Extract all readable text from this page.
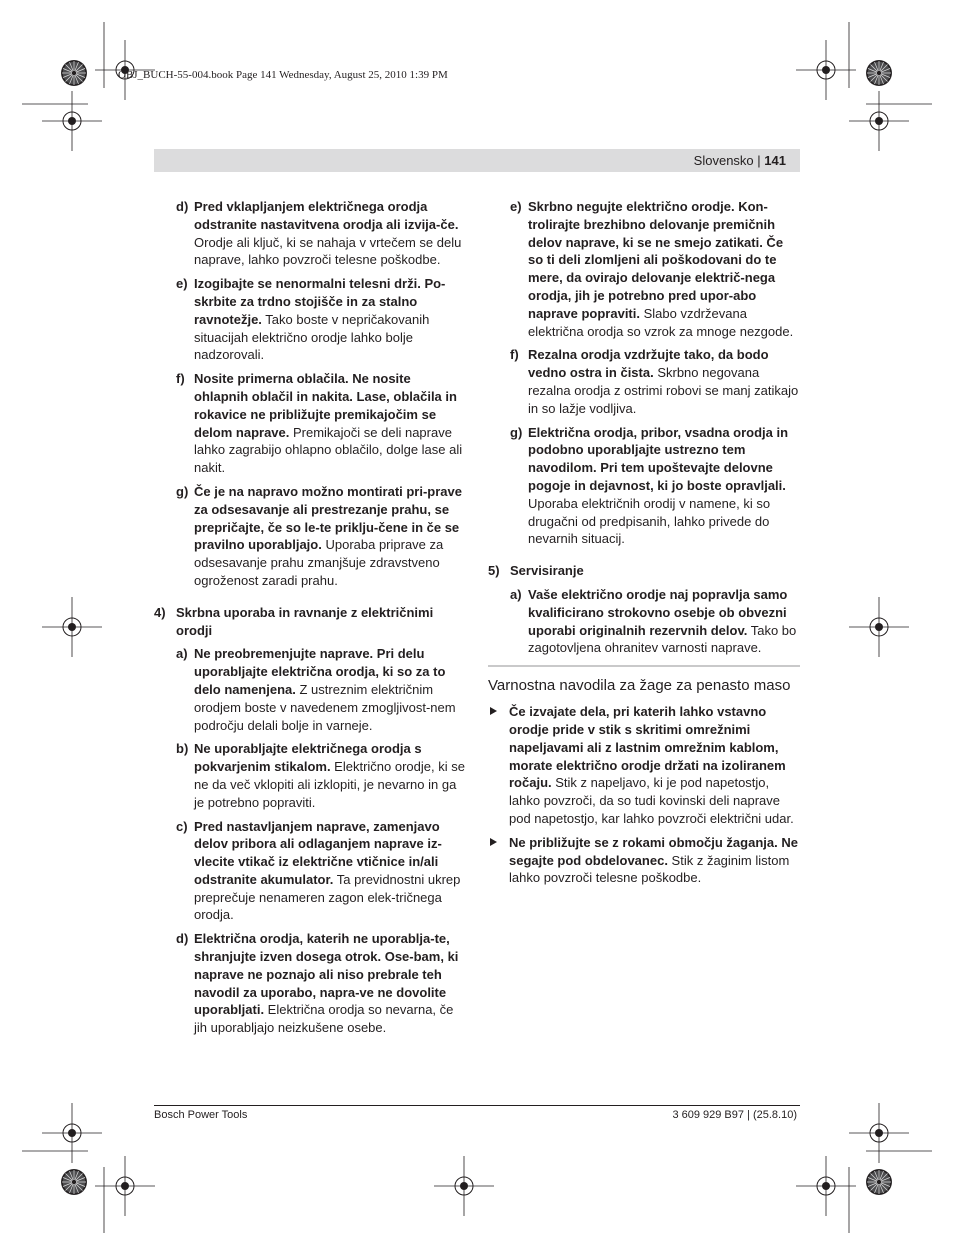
OBJ_BUCH-55-004.book Page 141 Wednesday, August 25, 2010 1:39 PM
Slovensko | 141
d) Pred vklapljanjem električnega orodja odstranite nastavitvena orodja ali izvija-če. Orodje ali ključ, ki se nahaja v vrtečem se delu naprave, lahko povzroči telesne poškodbe.
e) Izogibajte se nenormalni telesni drži. Po-skrbite za trdno stojišče in za stalno ravnotežje. Tako boste v nepričakovanih situacijah električno orodje lahko bolje nadzorovali.
f) Nosite primerna oblačila. Ne nosite ohlapnih oblačil in nakita. Lase, oblačila in rokavice ne približujte premikajočim se delom naprave. Premikajoči se deli naprave lahko zagrabijo ohlapno oblačilo, dolge lase ali nakit.
g) Če je na napravo možno montirati pri-prave za odsesavanje ali prestrezanje prahu, se prepričajte, če so le-te priklju-čene in če se pravilno uporabljajo. Uporaba priprave za odsesavanje prahu zmanjšuje zdravstveno ogroženost zaradi prahu.
4) Skrbna uporaba in ravnanje z električnimi orodji
a) Ne preobremenjujte naprave. Pri delu uporabljajte električna orodja, ki so za to delo namenjena. Z ustreznim električnim orodjem boste v navedenem zmogljivost-nem področju delali bolje in varneje.
b) Ne uporabljajte električnega orodja s pokvarjenim stikalom. Električno orodje, ki se ne da več vklopiti ali izklopiti, je nevarno in ga je potrebno popraviti.
c) Pred nastavljanjem naprave, zamenjavo delov pribora ali odlaganjem naprave iz-vlecite vtikač iz električne vtičnice in/ali odstranite akumulator. Ta previdnostni ukrep preprečuje nenameren zagon elek-tričnega orodja.
d) Električna orodja, katerih ne uporablja-te, shranjujte izven dosega otrok. Ose-bam, ki naprave ne poznajo ali niso prebrale teh navodil za uporabo, napra-ve ne dovolite uporabljati. Električna orodja so nevarna, če jih uporabljajo neizkušene osebe.
e) Skrbno negujte električno orodje. Kon-trolirajte brezhibno delovanje premičnih delov naprave, ki se ne smejo zatikati. Če so ti deli zlomljeni ali poškodovani do te mere, da ovirajo delovanje električ-nega orodja, jih je potrebno pred upor-abo naprave popraviti. Slabo vzdrževana električna orodja so vzrok za mnoge nezgode.
f) Rezalna orodja vzdržujte tako, da bodo vedno ostra in čista. Skrbno negovana rezalna orodja z ostrimi robovi se manj zatikajo in so lažje vodljiva.
g) Električna orodja, pribor, vsadna orodja in podobno uporabljajte ustrezno tem navodilom. Pri tem upoštevajte delovne pogoje in dejavnost, ki jo boste opravljali. Uporaba električnih orodij v namene, ki so drugačni od predpisanih, lahko privede do nevarnih situacij.
5) Servisiranje
a) Vaše električno orodje naj popravlja samo kvalificirano strokovno osebje ob obvezni uporabi originalnih rezervnih delov. Tako bo zagotovljena ohranitev varnosti naprave.
Varnostna navodila za žage za penasto maso
Če izvajate dela, pri katerih lahko vstavno orodje pride v stik s skritimi omrežnimi napeljavami ali z lastnim omrežnim kablom, morate električno orodje držati na izoliranem ročaju. Stik z napeljavo, ki je pod napetostjo, lahko povzroči, da so tudi kovinski deli naprave pod napetostjo, kar lahko povzroči električni udar.
Ne približujte se z rokami območju žaganja. Ne segajte pod obdelovanec. Stik z žaginim listom lahko povzroči telesne poškodbe.
Bosch Power Tools	3 609 929 B97 | (25.8.10)
